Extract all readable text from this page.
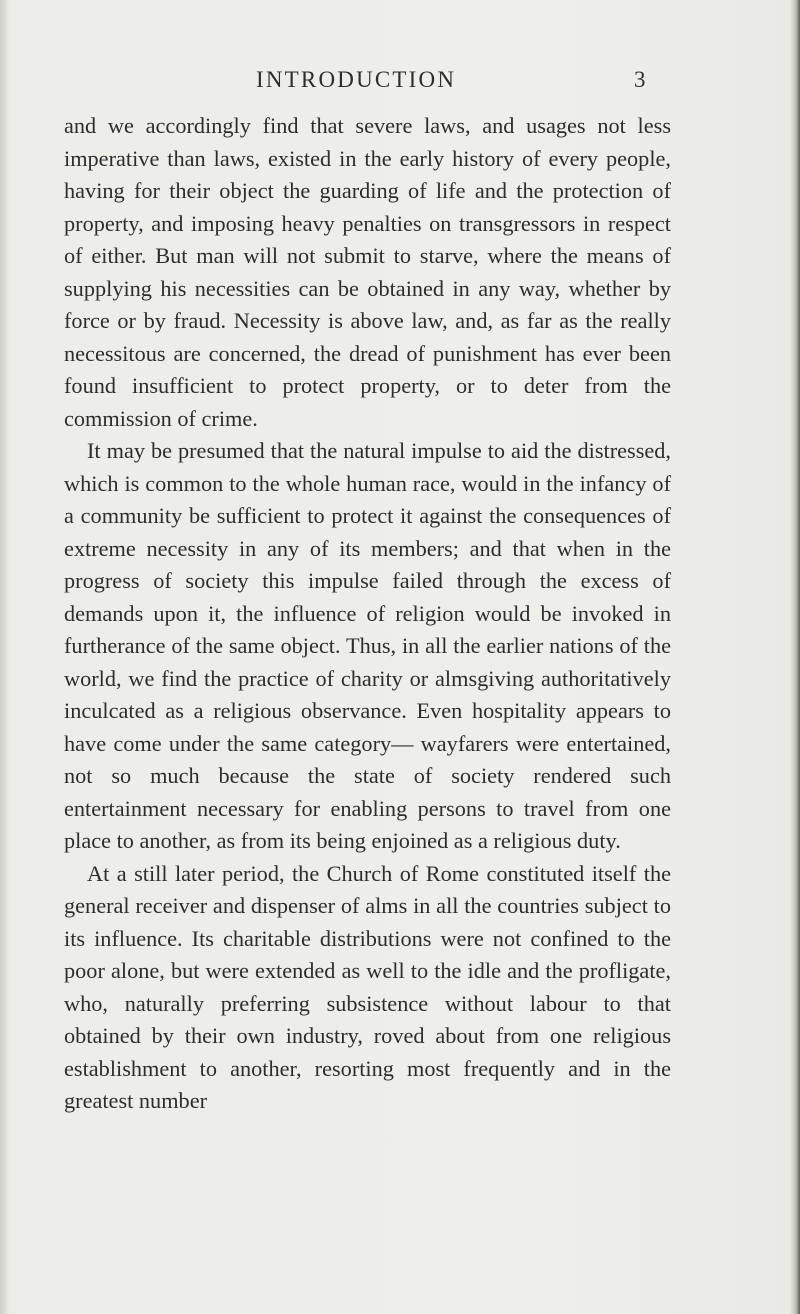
INTRODUCTION	3

and we accordingly find that severe laws, and usages not less imperative than laws, existed in the early history of every people, having for their object the guarding of life and the protection of property, and imposing heavy penalties on transgressors in respect of either. But man will not submit to starve, where the means of supplying his necessities can be obtained in any way, whether by force or by fraud. Necessity is above law, and, as far as the really necessitous are concerned, the dread of punishment has ever been found insufficient to protect property, or to deter from the commission of crime.

It may be presumed that the natural impulse to aid the distressed, which is common to the whole human race, would in the infancy of a community be sufficient to protect it against the consequences of extreme necessity in any of its members; and that when in the progress of society this impulse failed through the excess of demands upon it, the influence of religion would be invoked in furtherance of the same object. Thus, in all the earlier nations of the world, we find the practice of charity or almsgiving authoritatively inculcated as a religious observance. Even hospitality appears to have come under the same category— wayfarers were entertained, not so much because the state of society rendered such entertainment necessary for enabling persons to travel from one place to another, as from its being enjoined as a religious duty.

At a still later period, the Church of Rome constituted itself the general receiver and dispenser of alms in all the countries subject to its influence. Its charitable distributions were not confined to the poor alone, but were extended as well to the idle and the profligate, who, naturally preferring subsistence without labour to that obtained by their own industry, roved about from one religious establishment to another, resorting most frequently and in the greatest number
